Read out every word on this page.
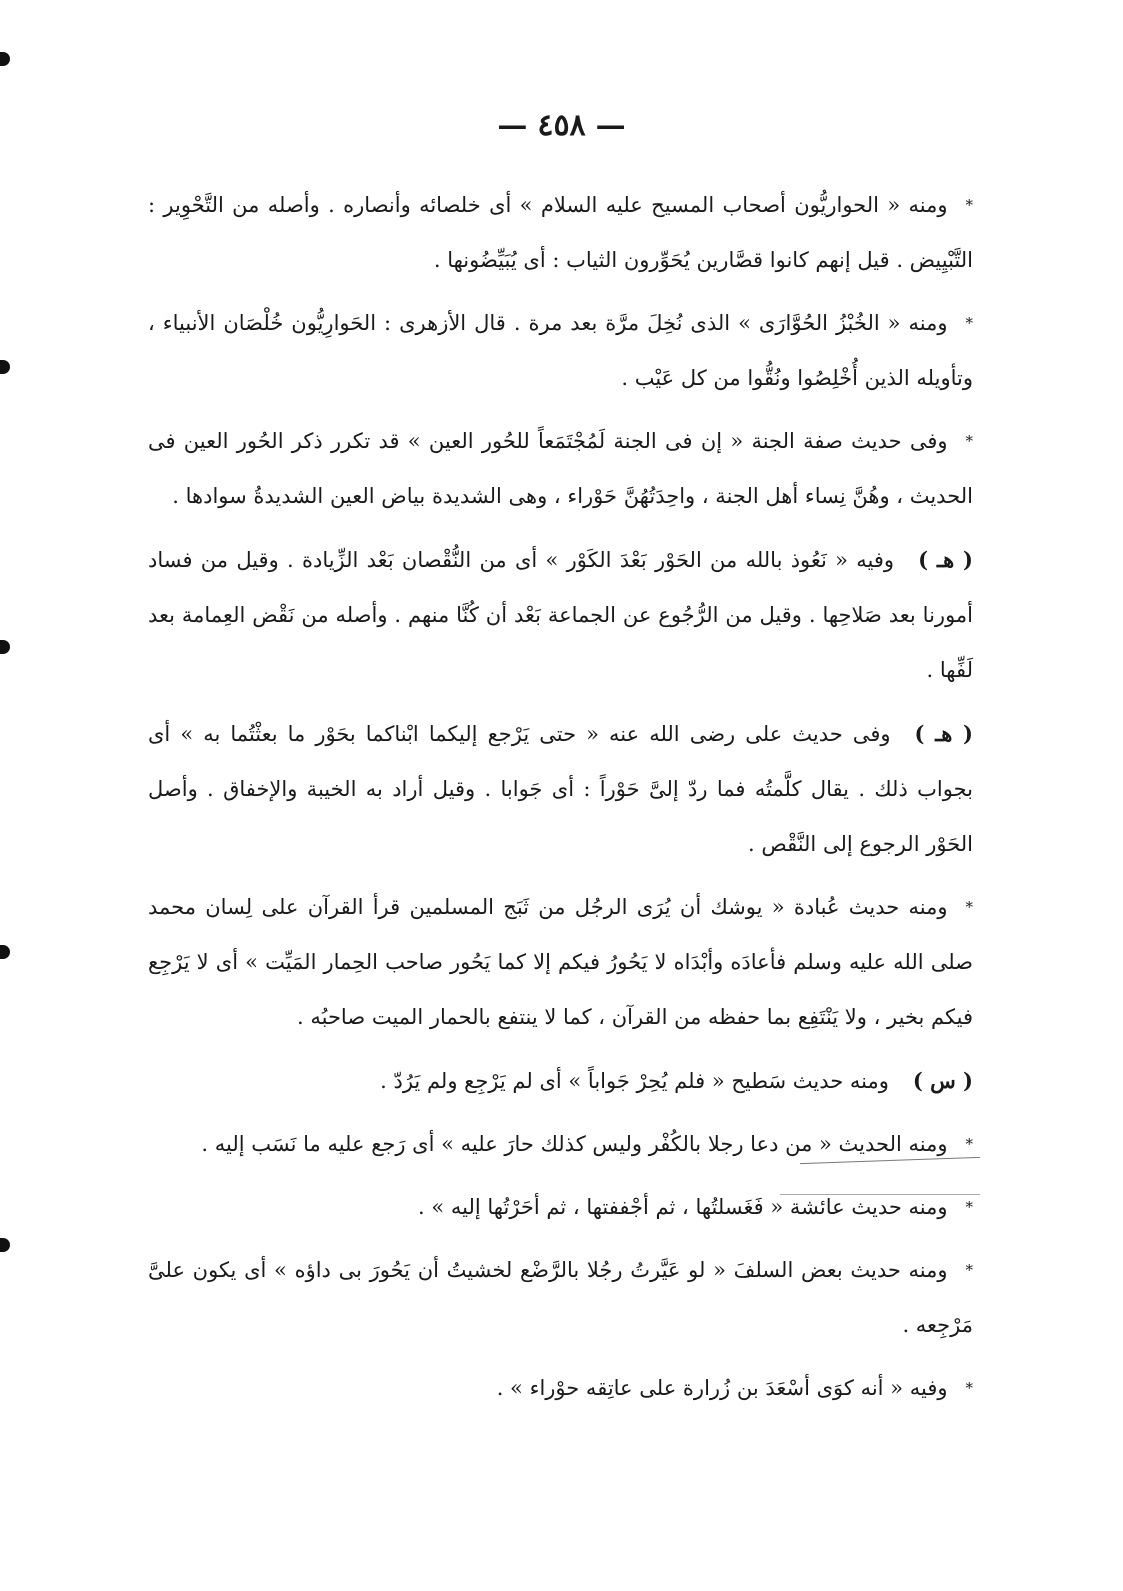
— ٤٥٨ —

*ومنه « الحواريُّون أصحاب المسيح عليه السلام » أى خلصائه وأنصاره . وأصله من التَّحْوِير : التَّبْيِيض . قيل إنهم كانوا قصَّارين يُحَوِّرون الثياب : أى يُبَيِّضُونها .

*ومنه « الخُبْزُ الحُوَّارَى » الذى نُخِلَ مرَّة بعد مرة . قال الأزهرى : الحَوارِيُّون خُلْصَان الأنبياء ، وتأويله الذين أُخْلِصُوا ونُقُّوا من كل عَيْب .

*وفى حديث صفة الجنة « إن فى الجنة لَمُجْتَمَعاً للحُور العين » قد تكرر ذكر الحُور العين فى الحديث ، وهُنَّ نِساء أهل الجنة ، واحِدَتُهُنَّ حَوْراء ، وهى الشديدة بياض العين الشديدةُ سوادها .

( هـ )وفيه « نَعُوذ بالله من الحَوْر بَعْدَ الكَوْر » أى من النُّقْصان بَعْد الزِّيادة . وقيل من فساد أمورنا بعد صَلاحِها . وقيل من الرُّجُوع عن الجماعة بَعْد أن كُنَّا منهم . وأصله من نَقْض العِمامة بعد لَفِّها .

( هـ )وفى حديث على رضى الله عنه « حتى يَرْجع إليكما ابْناكما بحَوْر ما بعثْتُما به » أى بجواب ذلك . يقال كلَّمتُه فما ردّ إلىَّ حَوْراً : أى جَوابا . وقيل أراد به الخيبة والإخفاق . وأصل الحَوْر الرجوع إلى النَّقْص .

*ومنه حديث عُبادة « يوشك أن يُرَى الرجُل من ثَبَج المسلمين قرأ القرآن على لِسان محمد صلى الله عليه وسلم فأعادَه وأبْدَاه لا يَحُورُ فيكم إلا كما يَحُور صاحب الحِمار المَيِّت » أى لا يَرْجِع فيكم بخير ، ولا يَنْتَفِع بما حفظه من القرآن ، كما لا ينتفع بالحمار الميت صاحبُه .

( س )ومنه حديث سَطيح « فلم يُحِرْ جَواباً » أى لم يَرْجِع ولم يَرُدّ .

*ومنه الحديث « من دعا رجلا بالكُفْر وليس كذلك حارَ عليه » أى رَجع عليه ما نَسَب إليه .

*ومنه حديث عائشة « فَغَسلتُها ، ثم أجْففتها ، ثم أحَرْتُها إليه » .

*ومنه حديث بعض السلفَ « لو عَيَّرتُ رجُلا بالرَّضْع لخشيتُ أن يَحُورَ بى داؤه » أى يكون علىَّ مَرْجِعه .

*وفيه « أنه كوَى أسْعَدَ بن زُرارة على عاتِقه حوْراء » .
